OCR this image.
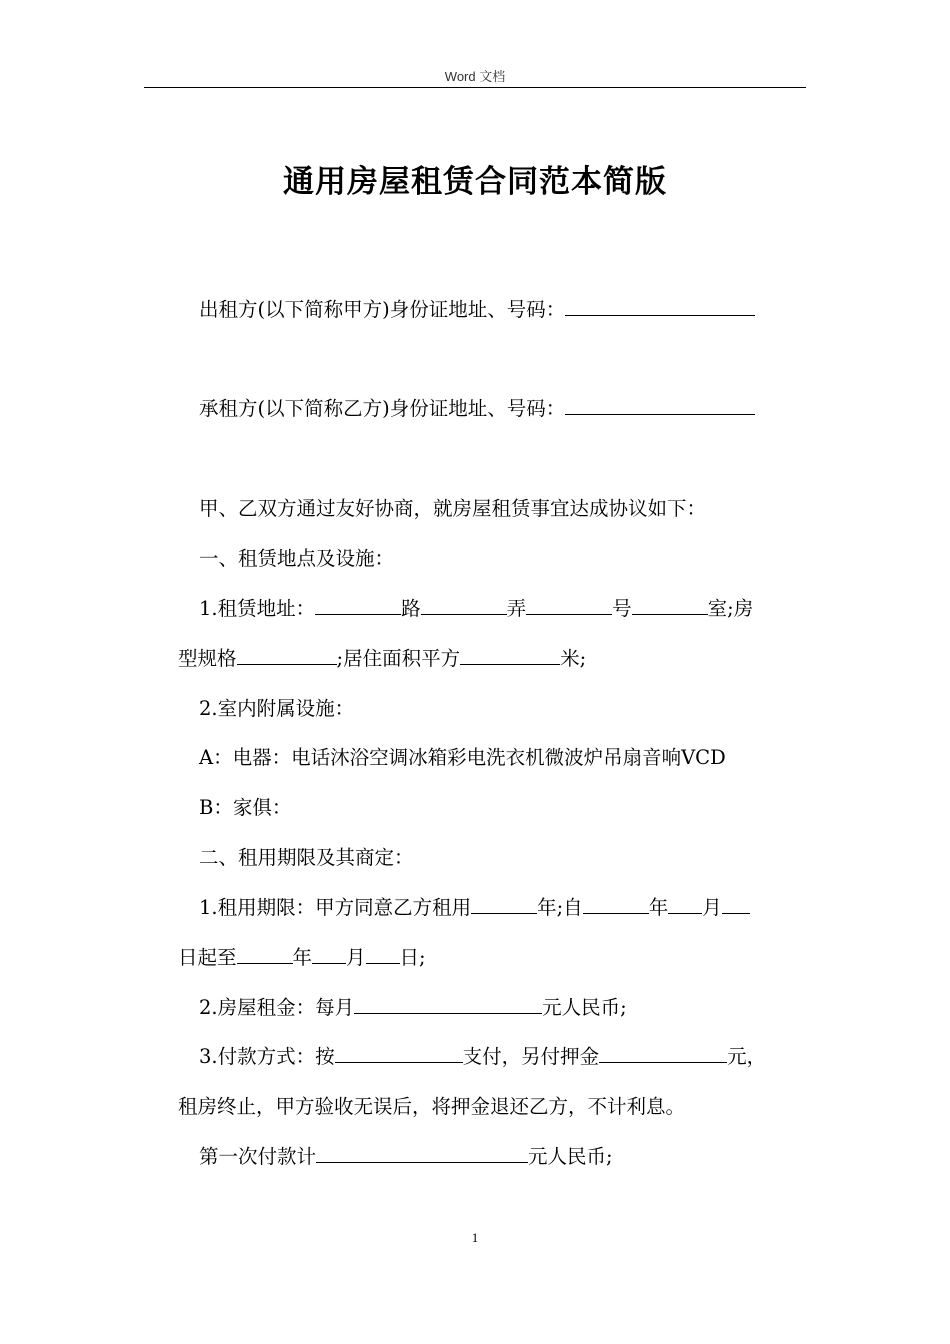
Word 文档
通用房屋租赁合同范本简版
出租方(以下简称甲方)身份证地址、号码：
承租方(以下简称乙方)身份证地址、号码：
甲、乙双方通过友好协商，就房屋租赁事宜达成协议如下：
一、租赁地点及设施：
1.租赁地址：	路	弄	号	室;房
型规格	;居住面积平方	米;
2.室内附属设施：
A：电器：电话沐浴空调冰箱彩电洗衣机微波炉吊扇音响VCD
B：家俱：
二、租用期限及其商定：
1.租用期限：甲方同意乙方租用	年;自	年 月
日起至	年 月 日;
2.房屋租金：每月	元人民币;
3.付款方式：按	支付，另付押金	元，
租房终止，甲方验收无误后，将押金退还乙方，不计利息。
第一次付款计	元人民币;
1
